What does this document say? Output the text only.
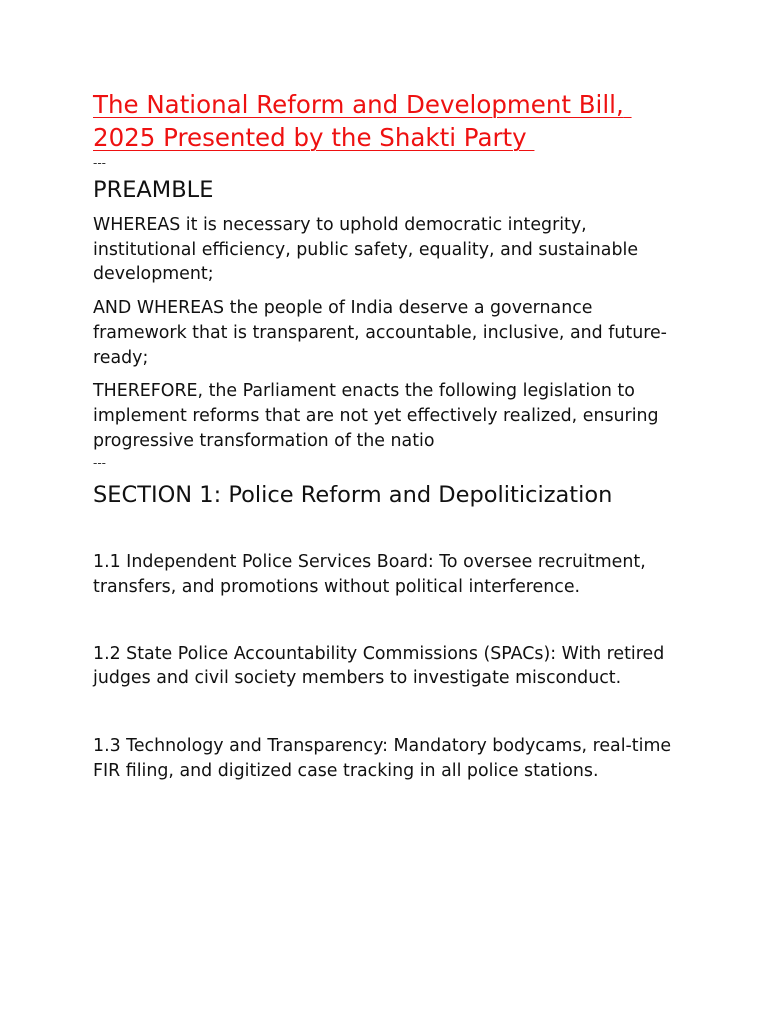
The National Reform and Development Bill, 2025 Presented by the Shakti Party

---

PREAMBLE

WHEREAS it is necessary to uphold democratic integrity, institutional efficiency, public safety, equality, and sustainable development;

AND WHEREAS the people of India deserve a governance framework that is transparent, accountable, inclusive, and future-ready;

THEREFORE, the Parliament enacts the following legislation to implement reforms that are not yet effectively realized, ensuring progressive transformation of the natio

---

SECTION 1: Police Reform and Depoliticization

1.1 Independent Police Services Board: To oversee recruitment, transfers, and promotions without political interference.

1.2 State Police Accountability Commissions (SPACs): With retired judges and civil society members to investigate misconduct.

1.3 Technology and Transparency: Mandatory bodycams, real-time FIR filing, and digitized case tracking in all police stations.
